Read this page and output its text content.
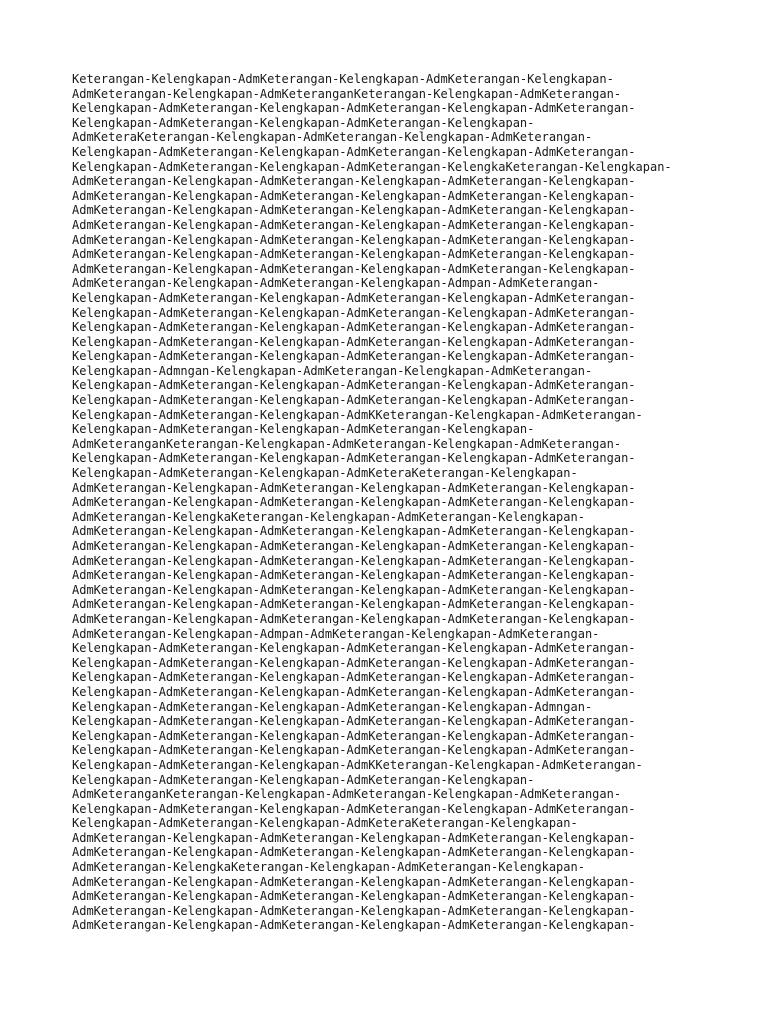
Keterangan-Kelengkapan-AdmKeterangan-Kelengkapan-AdmKeterangan-Kelengkapan-
AdmKeterangan-Kelengkapan-AdmKeteranganKeterangan-Kelengkapan-AdmKeterangan-
Kelengkapan-AdmKeterangan-Kelengkapan-AdmKeterangan-Kelengkapan-AdmKeterangan-
Kelengkapan-AdmKeterangan-Kelengkapan-AdmKeterangan-Kelengkapan-
AdmKeteraKeterangan-Kelengkapan-AdmKeterangan-Kelengkapan-AdmKeterangan-
Kelengkapan-AdmKeterangan-Kelengkapan-AdmKeterangan-Kelengkapan-AdmKeterangan-
Kelengkapan-AdmKeterangan-Kelengkapan-AdmKeterangan-KelengkaKeterangan-Kelengkapan-
AdmKeterangan-Kelengkapan-AdmKeterangan-Kelengkapan-AdmKeterangan-Kelengkapan-
AdmKeterangan-Kelengkapan-AdmKeterangan-Kelengkapan-AdmKeterangan-Kelengkapan-
AdmKeterangan-Kelengkapan-AdmKeterangan-Kelengkapan-AdmKeterangan-Kelengkapan-
AdmKeterangan-Kelengkapan-AdmKeterangan-Kelengkapan-AdmKeterangan-Kelengkapan-
AdmKeterangan-Kelengkapan-AdmKeterangan-Kelengkapan-AdmKeterangan-Kelengkapan-
AdmKeterangan-Kelengkapan-AdmKeterangan-Kelengkapan-AdmKeterangan-Kelengkapan-
AdmKeterangan-Kelengkapan-AdmKeterangan-Kelengkapan-AdmKeterangan-Kelengkapan-
AdmKeterangan-Kelengkapan-AdmKeterangan-Kelengkapan-Admpan-AdmKeterangan-
Kelengkapan-AdmKeterangan-Kelengkapan-AdmKeterangan-Kelengkapan-AdmKeterangan-
Kelengkapan-AdmKeterangan-Kelengkapan-AdmKeterangan-Kelengkapan-AdmKeterangan-
Kelengkapan-AdmKeterangan-Kelengkapan-AdmKeterangan-Kelengkapan-AdmKeterangan-
Kelengkapan-AdmKeterangan-Kelengkapan-AdmKeterangan-Kelengkapan-AdmKeterangan-
Kelengkapan-AdmKeterangan-Kelengkapan-AdmKeterangan-Kelengkapan-AdmKeterangan-
Kelengkapan-Admngan-Kelengkapan-AdmKeterangan-Kelengkapan-AdmKeterangan-
Kelengkapan-AdmKeterangan-Kelengkapan-AdmKeterangan-Kelengkapan-AdmKeterangan-
Kelengkapan-AdmKeterangan-Kelengkapan-AdmKeterangan-Kelengkapan-AdmKeterangan-
Kelengkapan-AdmKeterangan-Kelengkapan-AdmKKeterangan-Kelengkapan-AdmKeterangan-
Kelengkapan-AdmKeterangan-Kelengkapan-AdmKeterangan-Kelengkapan-
AdmKeteranganKeterangan-Kelengkapan-AdmKeterangan-Kelengkapan-AdmKeterangan-
Kelengkapan-AdmKeterangan-Kelengkapan-AdmKeterangan-Kelengkapan-AdmKeterangan-
Kelengkapan-AdmKeterangan-Kelengkapan-AdmKeteraKeterangan-Kelengkapan-
AdmKeterangan-Kelengkapan-AdmKeterangan-Kelengkapan-AdmKeterangan-Kelengkapan-
AdmKeterangan-Kelengkapan-AdmKeterangan-Kelengkapan-AdmKeterangan-Kelengkapan-
AdmKeterangan-KelengkaKeterangan-Kelengkapan-AdmKeterangan-Kelengkapan-
AdmKeterangan-Kelengkapan-AdmKeterangan-Kelengkapan-AdmKeterangan-Kelengkapan-
AdmKeterangan-Kelengkapan-AdmKeterangan-Kelengkapan-AdmKeterangan-Kelengkapan-
AdmKeterangan-Kelengkapan-AdmKeterangan-Kelengkapan-AdmKeterangan-Kelengkapan-
AdmKeterangan-Kelengkapan-AdmKeterangan-Kelengkapan-AdmKeterangan-Kelengkapan-
AdmKeterangan-Kelengkapan-AdmKeterangan-Kelengkapan-AdmKeterangan-Kelengkapan-
AdmKeterangan-Kelengkapan-AdmKeterangan-Kelengkapan-AdmKeterangan-Kelengkapan-
AdmKeterangan-Kelengkapan-AdmKeterangan-Kelengkapan-AdmKeterangan-Kelengkapan-
AdmKeterangan-Kelengkapan-Admpan-AdmKeterangan-Kelengkapan-AdmKeterangan-
Kelengkapan-AdmKeterangan-Kelengkapan-AdmKeterangan-Kelengkapan-AdmKeterangan-
Kelengkapan-AdmKeterangan-Kelengkapan-AdmKeterangan-Kelengkapan-AdmKeterangan-
Kelengkapan-AdmKeterangan-Kelengkapan-AdmKeterangan-Kelengkapan-AdmKeterangan-
Kelengkapan-AdmKeterangan-Kelengkapan-AdmKeterangan-Kelengkapan-AdmKeterangan-
Kelengkapan-AdmKeterangan-Kelengkapan-AdmKeterangan-Kelengkapan-Admngan-
Kelengkapan-AdmKeterangan-Kelengkapan-AdmKeterangan-Kelengkapan-AdmKeterangan-
Kelengkapan-AdmKeterangan-Kelengkapan-AdmKeterangan-Kelengkapan-AdmKeterangan-
Kelengkapan-AdmKeterangan-Kelengkapan-AdmKeterangan-Kelengkapan-AdmKeterangan-
Kelengkapan-AdmKeterangan-Kelengkapan-AdmKKeterangan-Kelengkapan-AdmKeterangan-
Kelengkapan-AdmKeterangan-Kelengkapan-AdmKeterangan-Kelengkapan-
AdmKeteranganKeterangan-Kelengkapan-AdmKeterangan-Kelengkapan-AdmKeterangan-
Kelengkapan-AdmKeterangan-Kelengkapan-AdmKeterangan-Kelengkapan-AdmKeterangan-
Kelengkapan-AdmKeterangan-Kelengkapan-AdmKeteraKeterangan-Kelengkapan-
AdmKeterangan-Kelengkapan-AdmKeterangan-Kelengkapan-AdmKeterangan-Kelengkapan-
AdmKeterangan-Kelengkapan-AdmKeterangan-Kelengkapan-AdmKeterangan-Kelengkapan-
AdmKeterangan-KelengkaKeterangan-Kelengkapan-AdmKeterangan-Kelengkapan-
AdmKeterangan-Kelengkapan-AdmKeterangan-Kelengkapan-AdmKeterangan-Kelengkapan-
AdmKeterangan-Kelengkapan-AdmKeterangan-Kelengkapan-AdmKeterangan-Kelengkapan-
AdmKeterangan-Kelengkapan-AdmKeterangan-Kelengkapan-AdmKeterangan-Kelengkapan-
AdmKeterangan-Kelengkapan-AdmKeterangan-Kelengkapan-AdmKeterangan-Kelengkapan-
